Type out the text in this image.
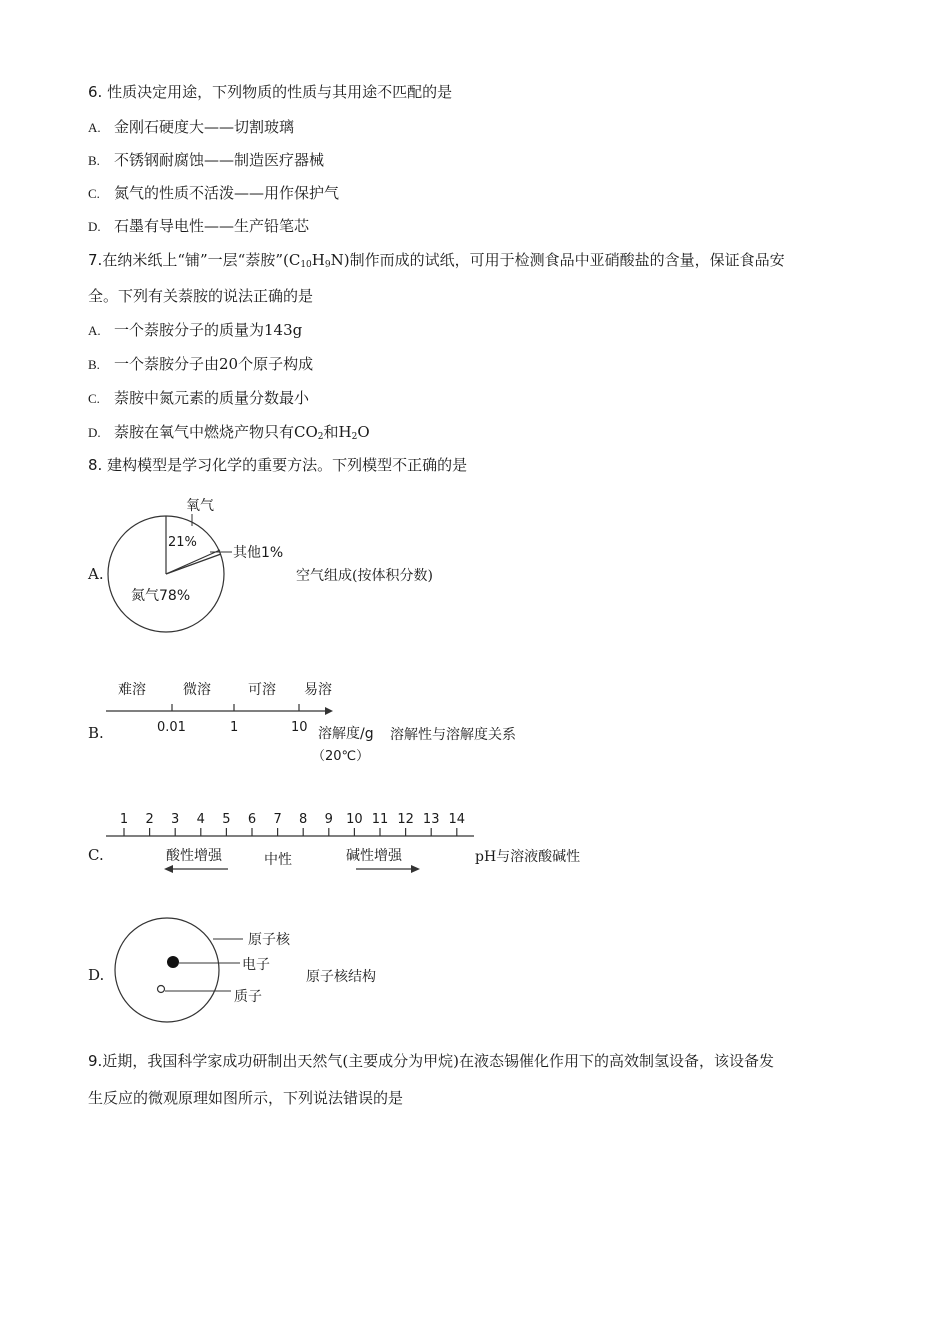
6. 性质决定用途，下列物质的性质与其用途不匹配的是
A. 金刚石硬度大——切割玻璃
B. 不锈钢耐腐蚀——制造医疗器械
C. 氮气的性质不活泼——用作保护气
D. 石墨有导电性——生产铅笔芯
7.在纳米纸上“铺”一层“萘胺$”(C_{10}H_9N)$制作而成的试纸，可用于检测食品中亚硝酸盐的含量，保证食品安
全。下列有关萘胺的说法正确的是
A. 一个萘胺分子的质量为143g
B. 一个萘胺分子由20个原子构成
C. 萘胺中氮元素的质量分数最小
D. 萘胺在氧气中燃烧产物只有$CO_2$和$H_2O$
8. 建构模型是学习化学的重要方法。下列模型不正确的是
A.
氧气
21%
其他1%
氮气78%
空气组成(按体积分数)
B.
难溶	微溶	可溶 易溶
0.01	1	10 溶解度/g
（20℃）
溶解性与溶解度关系
C.
1 2 3 4 5 6 7 8 9 10 11 12 13 14
酸性增强	中性	碱性增强	pH与溶液酸碱性
D.
原子核
电子
质子
原子核结构
9.近期，我国科学家成功研制出天然气(主要成分为甲烷)在液态锡催化作用下的高效制氢设备，该设备发
生反应的微观原理如图所示，下列说法错误的是
